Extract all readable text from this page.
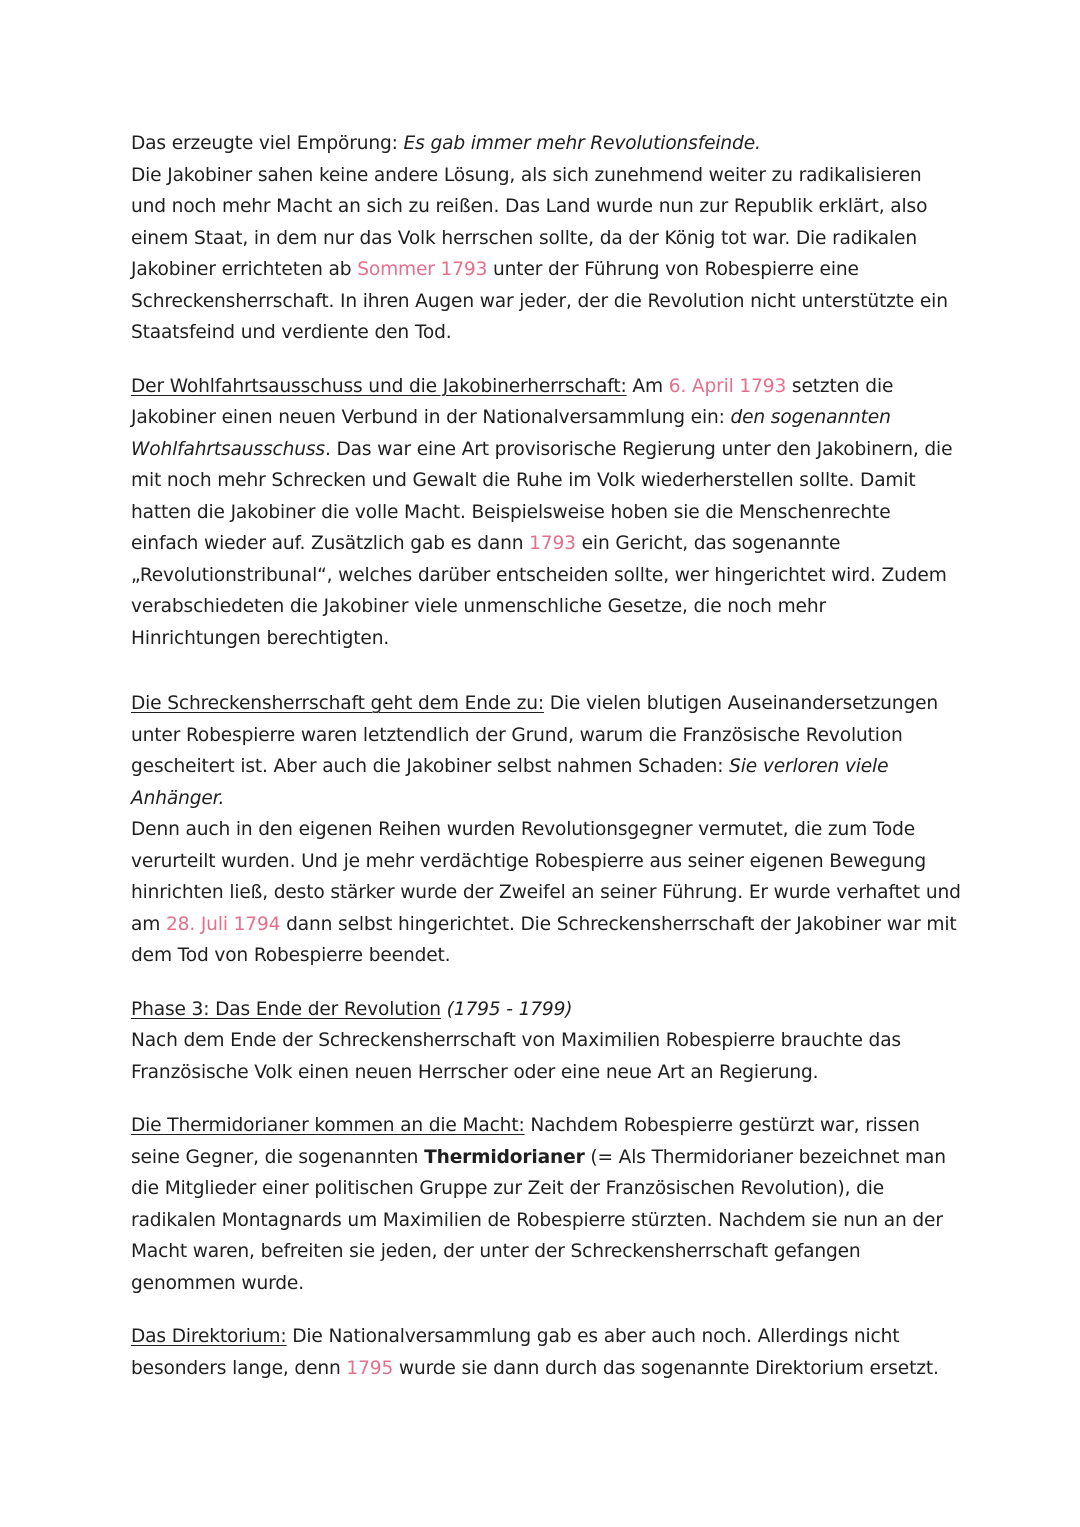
Das erzeugte viel Empörung: Es gab immer mehr Revolutionsfeinde.
Die Jakobiner sahen keine andere Lösung, als sich zunehmend weiter zu radikalisieren und noch mehr Macht an sich zu reißen. Das Land wurde nun zur Republik erklärt, also einem Staat, in dem nur das Volk herrschen sollte, da der König tot war. Die radikalen Jakobiner errichteten ab Sommer 1793 unter der Führung von Robespierre eine Schreckensherrschaft. In ihren Augen war jeder, der die Revolution nicht unterstützte ein Staatsfeind und verdiente den Tod.

Der Wohlfahrtsausschuss und die Jakobinerherrschaft: Am 6. April 1793 setzten die Jakobiner einen neuen Verbund in der Nationalversammlung ein: den sogenannten Wohlfahrtsausschuss. Das war eine Art provisorische Regierung unter den Jakobinern, die mit noch mehr Schrecken und Gewalt die Ruhe im Volk wiederherstellen sollte. Damit hatten die Jakobiner die volle Macht. Beispielsweise hoben sie die Menschenrechte einfach wieder auf. Zusätzlich gab es dann 1793 ein Gericht, das sogenannte „Revolutionstribunal“, welches darüber entscheiden sollte, wer hingerichtet wird. Zudem verabschiedeten die Jakobiner viele unmenschliche Gesetze, die noch mehr Hinrichtungen berechtigten.

Die Schreckensherrschaft geht dem Ende zu: Die vielen blutigen Auseinandersetzungen unter Robespierre waren letztendlich der Grund, warum die Französische Revolution gescheitert ist. Aber auch die Jakobiner selbst nahmen Schaden: Sie verloren viele Anhänger.
Denn auch in den eigenen Reihen wurden Revolutionsgegner vermutet, die zum Tode verurteilt wurden. Und je mehr verdächtige Robespierre aus seiner eigenen Bewegung hinrichten ließ, desto stärker wurde der Zweifel an seiner Führung. Er wurde verhaftet und am 28. Juli 1794 dann selbst hingerichtet. Die Schreckensherrschaft der Jakobiner war mit dem Tod von Robespierre beendet.

Phase 3: Das Ende der Revolution (1795 - 1799)
Nach dem Ende der Schreckensherrschaft von Maximilien Robespierre brauchte das Französische Volk einen neuen Herrscher oder eine neue Art an Regierung.

Die Thermidorianer kommen an die Macht: Nachdem Robespierre gestürzt war, rissen seine Gegner, die sogenannten Thermidorianer (= Als Thermidorianer bezeichnet man die Mitglieder einer politischen Gruppe zur Zeit der Französischen Revolution), die radikalen Montagnards um Maximilien de Robespierre stürzten. Nachdem sie nun an der Macht waren, befreiten sie jeden, der unter der Schreckensherrschaft gefangen genommen wurde.

Das Direktorium: Die Nationalversammlung gab es aber auch noch. Allerdings nicht besonders lange, denn 1795 wurde sie dann durch das sogenannte Direktorium ersetzt.
